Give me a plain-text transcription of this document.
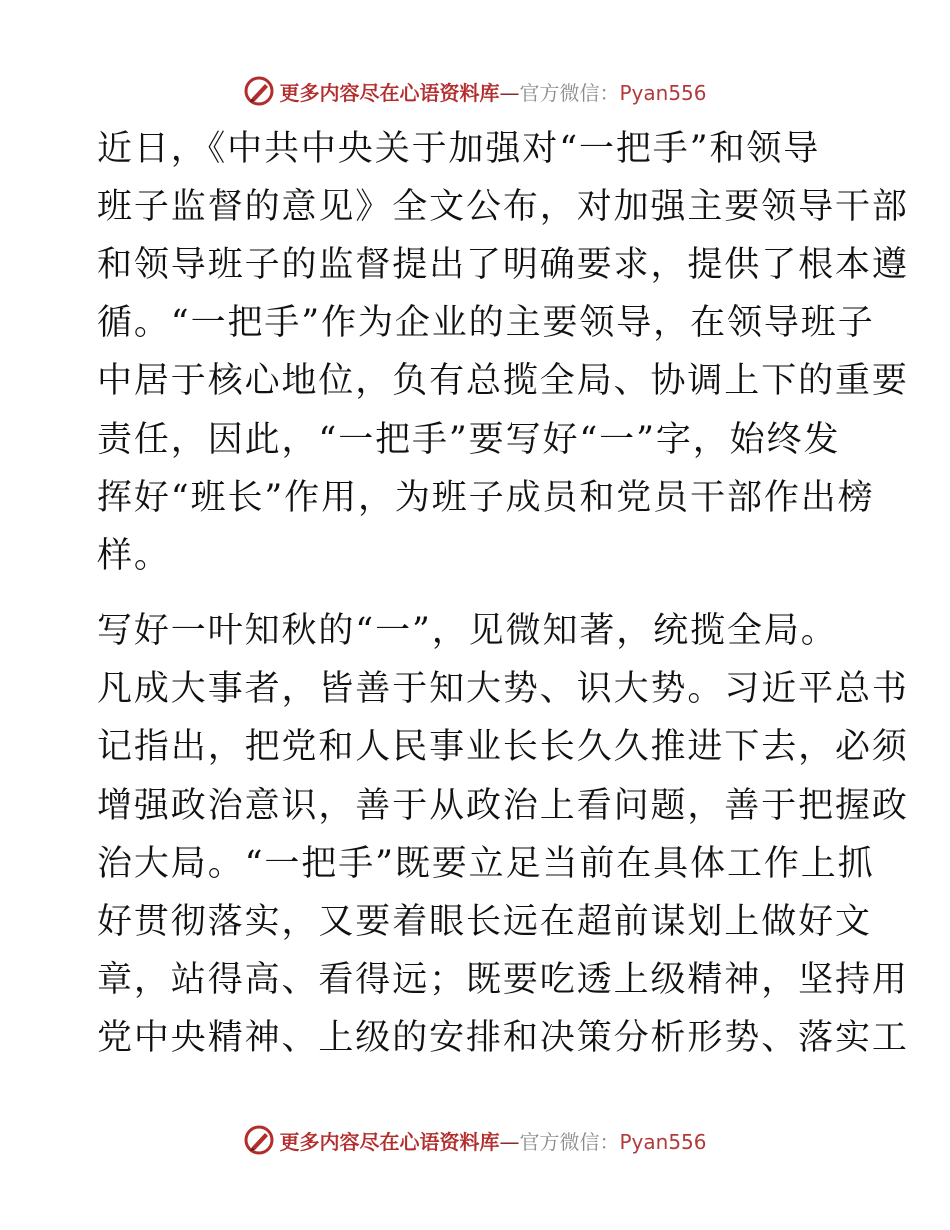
更多内容尽在心语资料库—官方微信：Pyan556
近日，《中共中央关于加强对“一把手”和领导
班子监督的意见》全文公布，对加强主要领导干部
和领导班子的监督提出了明确要求，提供了根本遵
循。“一把手”作为企业的主要领导，在领导班子
中居于核心地位，负有总揽全局、协调上下的重要
责任，因此，“一把手”要写好“一”字，始终发
挥好“班长”作用，为班子成员和党员干部作出榜
样。
写好一叶知秋的“一”，见微知著，统揽全局。
凡成大事者，皆善于知大势、识大势。习近平总书
记指出，把党和人民事业长长久久推进下去，必须
增强政治意识，善于从政治上看问题，善于把握政
治大局。“一把手”既要立足当前在具体工作上抓
好贯彻落实，又要着眼长远在超前谋划上做好文
章，站得高、看得远；既要吃透上级精神，坚持用
党中央精神、上级的安排和决策分析形势、落实工
更多内容尽在心语资料库—官方微信：Pyan556
